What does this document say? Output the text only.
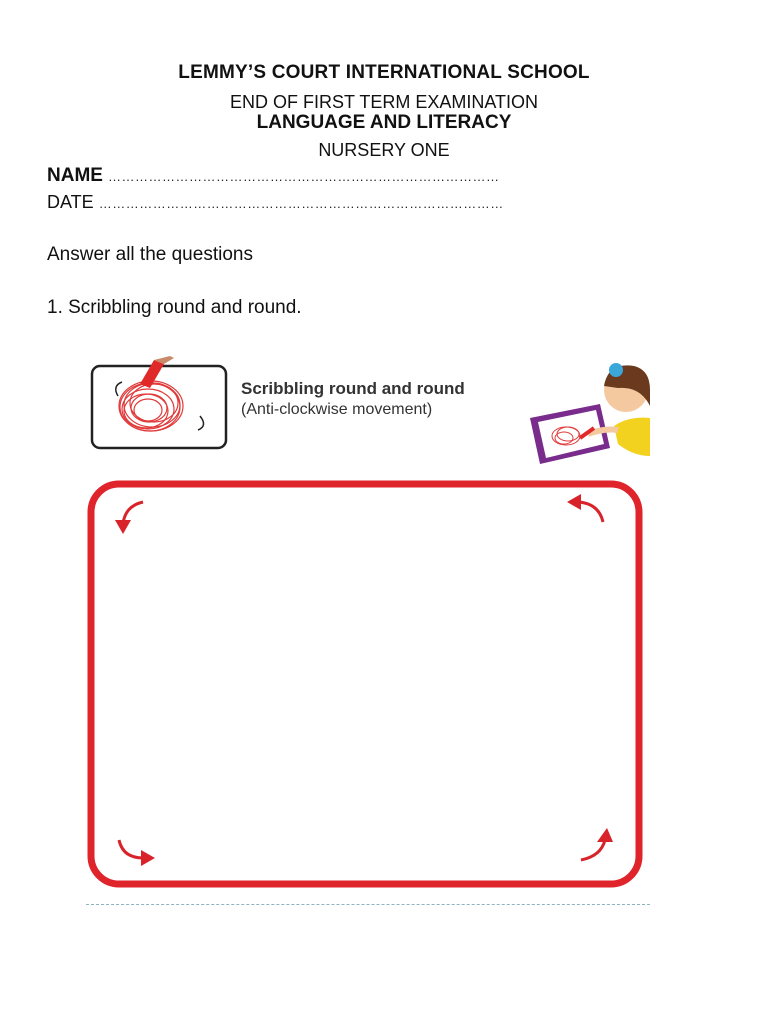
LEMMY’S COURT INTERNATIONAL SCHOOL
END OF FIRST TERM EXAMINATION
LANGUAGE AND LITERACY
NURSERY ONE
NAME ……………………………………………………………………………
DATE ………………………………………………………………………………
Answer all the questions
1. Scribbling round and round.
Scribbling round and round
(Anti-clockwise movement)
